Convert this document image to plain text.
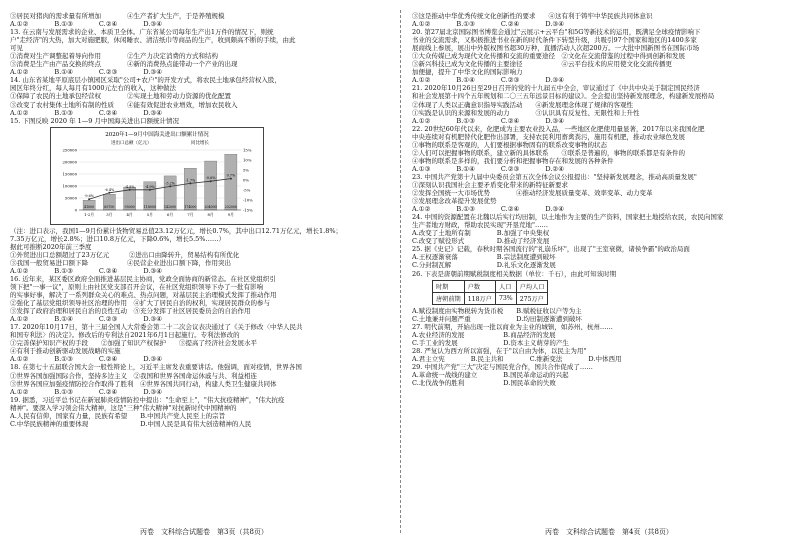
③居民对猪肉的需求量有所增加　　　　④生产者扩大生产，于是养殖规模
A.①②　　　　B.①③　　　　C.②④　　　　D.③④
13. 在云南与发展需求的企业、本质卫全体。广东省某公司每年生产出1万件的情况下，则统
户"走经济"的大热，加大对施肥服，休闲睡衣、清洁纸巾等商品的生产，收到颇高不断的手续，由此
可见
①消费对生产调整起着导向作用　　　　②生产力决定消费的方式和结构
③消费是生产由产品交换的终点　　　　④新的消费热点能带动一个产业的出现
A.①②　　　　B.①④　　　　C.②③　　　　D.③④
14. 山东省某地平原底层小镇园区采取"公司+农户"的开发方式，将农民土地承包经营权入股，
园区年终分红，每人每月有1000元左右的收入，这种做法
①保障了农民的土地承包经营权　　　　②实现土地和劳动力资源的优化配置
③改变了农村集体土地所有制的性质　　④能有效促进农业增效，增加农民收入
A.①②　　　　B.①③　　　　C.②④　　　　D.③④
15. 下图反映 2020 年 1—9 月中国海关进出口额统计情况
2020年1—9月中国海关进出口额累计情况
进出口总额（亿元）	同比增长
0
50000
100000
150000
200000
250000
-15%
-10%
-5%
0%
5%
10%
15%
41000
1-2月
-9.6%
65700
3月
-6.4%
95000
4月
-4.9%
118000
5月
-4.9%
142000
6月
-3.2%
174000
7月
-1.7%
204000
8月
-0.6%
232000
9月
0.7%
（注：进口表示，我国1—9月份累计货物贸易总值23.12万亿元，增长0.7%，其中出口12.71万亿元，增长1.8%；
7.35万亿元，增长2.8%；进口10.8万亿元，下降0.6%，增长5.5%……）
据此可推断2020年前三季度
①外贸进出口总额超过了23万亿元　　　②进出口由降转升，贸易结构有所优化
③我国一般贸易进口额下降　　　　　　④民营企业进出口额下降，作用突出
A.①②　　　　B.①③　　　　C.②④　　　　D.③④
16. 近年来，某区委区政府全面推进基层民主协商，党政全面协商的新常态。在社区党组织引
领下把"一事一议"，原则上由社区党支部召开会议，在社区党组织领导下办了一批有影响
的实事好事，解决了一系列群众关心的难点、热点问题，对基层民主治理模式发挥了推动作用
②强化了基层党组织领导社区治理的作用　④扩大了居民自治的权利，实现居民群众的参与
③发挥了政府治理和居民自治的良性互动　⑤充分发挥了社区居民委员会的自治作用
A.①②　　　　B.①④　　　　C.②③　　　　D.③④
17. 2020年10月17日，第十三届全国人大常委会第二十二次会议表决通过了《关于修改〈中华人民共
和国专利法〉的决定》。修改后的专利法自2021年6月1日起施行。专利法修改的
①完善保护知识产权的手段　　②加强了知识产权保护　　③提高了经济社会发展水平
④有利于推动创新驱动发展战略的实施
A.①②　　　　B.①③　　　　C.②④　　　　D.③④
18. 在第七十五届联合国大会一般性辩论上，习近平主席发表重要讲话。他强调，面对疫情，世界各国
①世界各国加强国际合作，坚持多边主义　②我国和世界各国命运休戚与共、利益相连
③世界各国应加强疫情防控合作取得了胜利　④世界各国共同行动，构建人类卫生健康共同体
A.①②　　　　B.①③　　　　C.②④　　　　D.③④
19. 据悉，习近平总书记在新冠肺炎疫情防控中提出："生命至上"，"伟大抗疫精神"，"伟大抗疫
精神"。要深入学习领会伟大精神，这是"三种"伟大精神"对抗新时代中国精神的
A.人民有信仰，国家有力量，民族有希望　　B.中国共产党人民至上的宗旨
C.中华民族精神的重要体现　　　　　　　　D.中国人民是具有伟大创造精神的人民
③这是推动中华优秀传统文化创新性的要求　　④这有利于铸牢中华民族共同体意识
A.①②　　　　B.①③　　　　C.②④　　　　D.③④
20. 第27届北京国际图书博览会通过"云展示+云平台"和5G等新技术的运用，既满足全球疫情影响下
书业的交流需求，又积极推进书业在新的时代条件下转型升级，共吸引97个国家和地区的1400多家
展商线上参展，展出中外版权图书超30万种，直播活动人次超200万。一大批中国新图书在国际市场
①大众传媒已成为现代文化传播和交流的重要途径　②文化在交流借鉴的过程中得到创新和发展
③新兴科技已成为文化传播的主要途径　　　　　　④云平台技术的应用使文化交流传播更
加便捷，提升了中华文化的国际影响力
A.①②　　　　B.①④　　　　C.②③　　　　D.③④
21. 2020年10月26日至29日召开的党的十九届五中全会，审议通过了《中共中央关于制定国民经济
和社会发展第十四个五年规划和二〇三五年远景目标的建议》。全会提出坚持新发展理念，构建新发展格局
②体现了人类以正确意识指导实践活动　　④新发展理念体现了规律的客观性
①实践是认识的来源和发展的动力　　　　③认识具有反复性、无限性和上升性
A.①②　　　　B.①③　　　　C.②④　　　　D.③④
22. 20世纪60年代以来，化肥成为主要农业投入品，一些地区化肥使用量显著，2017年以来我国化肥
中央连续对有机肥替代化肥作出部署，支持农民利用畜禽粪污，施用有机肥，推动农业绿色发展
①事物的联系是客观的，人们要根据事物固有的联系改变事物的状态
②人们可以把握事物的联系，建立新的具体联系　　③联系是普遍的，事物的联系都是有条件的
④事物的联系是多样的，我们要分析和把握事物存在和发展的各种条件
A.①③　　　　B.①④　　　　C.②③　　　　D.②④
23. 中国共产党第十九届中央委员会第五次全体会议公报提出："坚持新发展理念，推动高质量发展"
①深刻认识我国社会主要矛盾变化带来的新特征新要求
②发挥全国统一大市场优势　　　　④推动经济发展质量变革、效率变革、动力变革
③发展理念改革提升发展优势
A.①②　　　　B.①③　　　　C.②④　　　　D.③④
24. 中国的资源配置在北魏以后实行均田制，以土地作为主要的生产资料，国家把土地授给农民，农民向国家
生产者地方财政，帮助农民实现"开垦荒地"……
A.改变了土地所有制　　　　B.加强了中央集权
C.改变了赋役形式　　　　　D.推动了经济发展
25. 据《史记》记载，春秋时期各国流行的"礼崩乐坏"，出现了"王室衰微，诸侯争霸"的政治局面
A.王权逐渐衰落　　　　　　B.宗法制度遭到破坏
C.分封制瓦解　　　　　　　D.礼乐文化逐渐发展
26. 下表是唐朝前期赋税制度相关数据（单位：千石），由此可知该时期
时期	户数	人口	户均人口
唐朝前期	118万户	73%	275万户
A.赋役制度由实物税转为货币税　　B.赋税征收以户等为主
C.土地兼并问题严重　　　　　　　D.均田制逐渐遭到破坏
27. 明代前期，开始出现一批以商业为主业的城镇，如苏州、杭州……
A.农业经济的发展　　　　　　B.商品经济的发展
C.手工业的发展　　　　　　　D.资本主义萌芽的产生
28. 严复认为西方所以富强，在于"以自由为体，以民主为用"
A.君主立宪　　　　B.民主共和　　　　C.维新变法　　　　D.中体西用
29. 中国共产党"三大"决定与国民党合作，国共合作促成了……
A.革命统一战线的建立　　　　B.国民革命运动的兴起
C.北伐战争的胜利　　　　　　D.国民革命的失败
丙卷　文科综合试题卷　第3页（共8页）	丙卷　文科综合试题卷　第4页（共8页）
